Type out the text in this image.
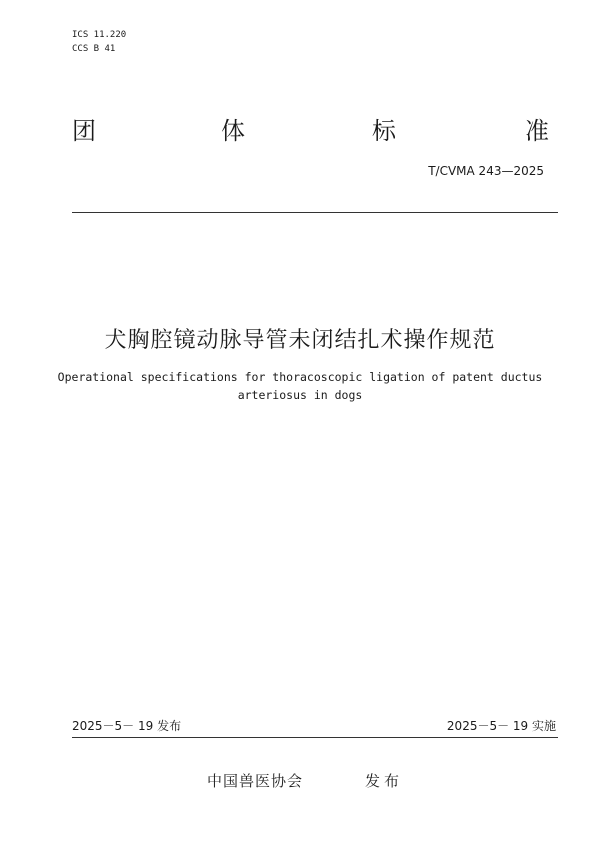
ICS 11.220
CCS B 41
团	体	标	准
T/CVMA 243—2025
犬胸腔镜动脉导管未闭结扎术操作规范
Operational specifications for thoracoscopic ligation of patent ductus
arteriosus in dogs
2025－5－ 19 发布	2025－5－ 19 实施
中国兽医协会	发布
